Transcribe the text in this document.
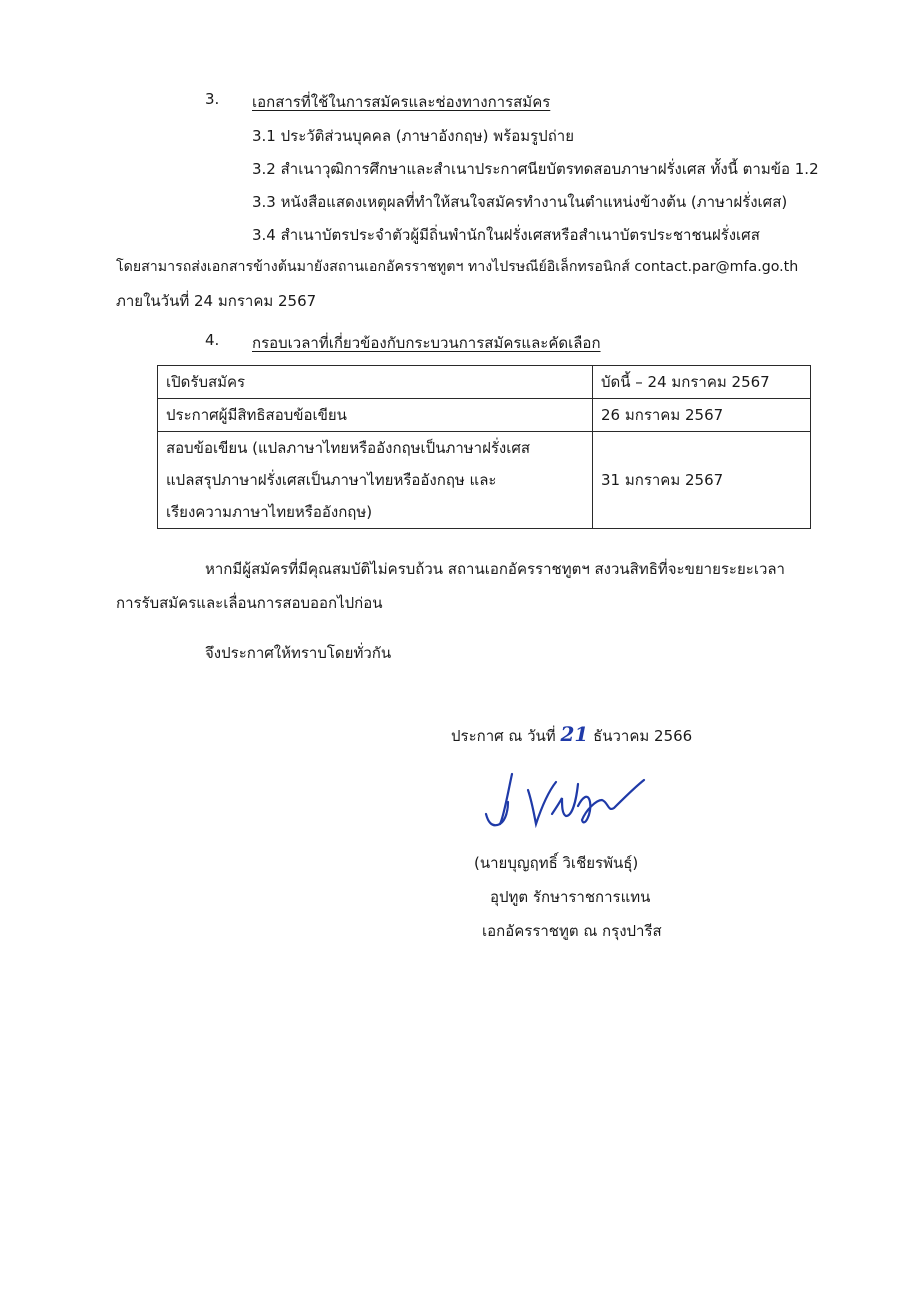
3. เอกสารที่ใช้ในการสมัครและช่องทางการสมัคร
3.1 ประวัติส่วนบุคคล (ภาษาอังกฤษ) พร้อมรูปถ่าย
3.2 สำเนาวุฒิการศึกษาและสำเนาประกาศนียบัตรทดสอบภาษาฝรั่งเศส ทั้งนี้ ตามข้อ 1.2
3.3 หนังสือแสดงเหตุผลที่ทำให้สนใจสมัครทำงานในตำแหน่งข้างต้น (ภาษาฝรั่งเศส)
3.4 สำเนาบัตรประจำตัวผู้มีถิ่นพำนักในฝรั่งเศสหรือสำเนาบัตรประชาชนฝรั่งเศส
โดยสามารถส่งเอกสารข้างต้นมายังสถานเอกอัครราชทูตฯ ทางไปรษณีย์อิเล็กทรอนิกส์ contact.par@mfa.go.th
ภายในวันที่ 24 มกราคม 2567
4. กรอบเวลาที่เกี่ยวข้องกับกระบวนการสมัครและคัดเลือก
เปิดรับสมัคร	บัดนี้ – 24 มกราคม 2567

ประกาศผู้มีสิทธิสอบข้อเขียน	26 มกราคม 2567

สอบข้อเขียน (แปลภาษาไทยหรืออังกฤษเป็นภาษาฝรั่งเศส
แปลสรุปภาษาฝรั่งเศสเป็นภาษาไทยหรืออังกฤษ และ
เรียงความภาษาไทยหรืออังกฤษ)	31 มกราคม 2567
หากมีผู้สมัครที่มีคุณสมบัติไม่ครบถ้วน สถานเอกอัครราชทูตฯ สงวนสิทธิที่จะขยายระยะเวลา
การรับสมัครและเลื่อนการสอบออกไปก่อน
จึงประกาศให้ทราบโดยทั่วกัน
ประกาศ ณ วันที่ 21 ธันวาคม 2566
(นายบุญฤทธิ์ วิเชียรพันธุ์)
อุปทูต รักษาราชการแทน
เอกอัครราชทูต ณ กรุงปารีส
